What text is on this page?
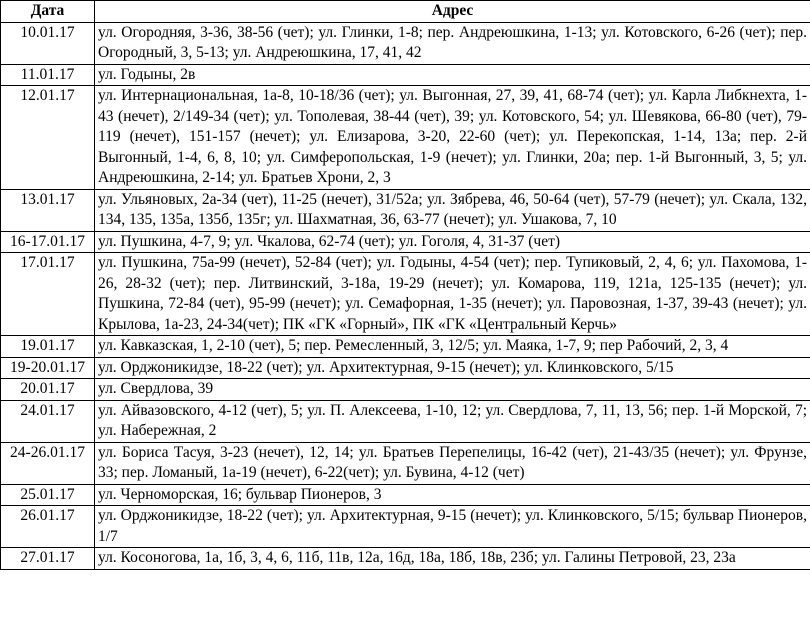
Дата	Адрес
10.01.17	ул. Огородняя, 3-36, 38-56 (чет); ул. Глинки, 1-8; пер. Андреюшкина, 1-13; ул. Котовского, 6-26 (чет); пер. Огородный, 3, 5-13; ул. Андреюшкина, 17, 41, 42
11.01.17	ул. Годыны, 2в
12.01.17	ул. Интернациональная, 1а-8, 10-18/36 (чет); ул. Выгонная, 27, 39, 41, 68-74 (чет); ул. Карла Либкнехта, 1-43 (нечет), 2/149-34 (чет); ул. Тополевая, 38-44 (чет), 39; ул. Котовского, 54; ул. Шевякова, 66-80 (чет), 79-119 (нечет), 151-157 (нечет); ул. Елизарова, 3-20, 22-60 (чет); ул. Перекопская, 1-14, 13а; пер. 2-й Выгонный, 1-4, 6, 8, 10; ул. Симферопольская, 1-9 (нечет); ул. Глинки, 20а; пер. 1-й Выгонный, 3, 5; ул. Андреюшкина, 2-14; ул. Братьев Хрони, 2, 3
13.01.17	ул. Ульяновых, 2а-34 (чет), 11-25 (нечет), 31/52а; ул. Зябрева, 46, 50-64 (чет), 57-79 (нечет); ул. Скала, 132, 134, 135, 135а, 135б, 135г; ул. Шахматная, 36, 63-77 (нечет); ул. Ушакова, 7, 10
16-17.01.17	ул. Пушкина, 4-7, 9; ул. Чкалова, 62-74 (чет); ул. Гоголя, 4, 31-37 (чет)
17.01.17	ул. Пушкина, 75а-99 (нечет), 52-84 (чет); ул. Годыны, 4-54 (чет); пер. Тупиковый, 2, 4, 6; ул. Пахомова, 1-26, 28-32 (чет); пер. Литвинский, 3-18а, 19-29 (нечет); ул. Комарова, 119, 121а, 125-135 (нечет); ул. Пушкина, 72-84 (чет), 95-99 (нечет); ул. Семафорная, 1-35 (нечет); ул. Паровозная, 1-37, 39-43 (нечет); ул. Крылова, 1а-23, 24-34(чет); ПК «ГК «Горный», ПК «ГК «Центральный Керчь»
19.01.17	ул. Кавказская, 1, 2-10 (чет), 5; пер. Ремесленный, 3, 12/5; ул. Маяка, 1-7, 9; пер Рабочий, 2, 3, 4
19-20.01.17	ул. Орджоникидзе, 18-22 (чет); ул. Архитектурная, 9-15 (нечет); ул. Клинковского, 5/15
20.01.17	ул. Свердлова, 39
24.01.17	ул. Айвазовского, 4-12 (чет), 5; ул. П. Алексеева, 1-10, 12; ул. Свердлова, 7, 11, 13, 56; пер. 1-й Морской, 7; ул. Набережная, 2
24-26.01.17	ул. Бориса Тасуя, 3-23 (нечет), 12, 14; ул. Братьев Перепелицы, 16-42 (чет), 21-43/35 (нечет); ул. Фрунзе, 33; пер. Ломаный, 1а-19 (нечет), 6-22(чет); ул. Бувина, 4-12 (чет)
25.01.17	ул. Черноморская, 16; бульвар Пионеров, 3
26.01.17	ул. Орджоникидзе, 18-22 (чет); ул. Архитектурная, 9-15 (нечет); ул. Клинковского, 5/15; бульвар Пионеров, 1/7
27.01.17	ул. Косоногова, 1а, 1б, 3, 4, 6, 11б, 11в, 12а, 16д, 18а, 18б, 18в, 23б; ул. Галины Петровой, 23, 23а
